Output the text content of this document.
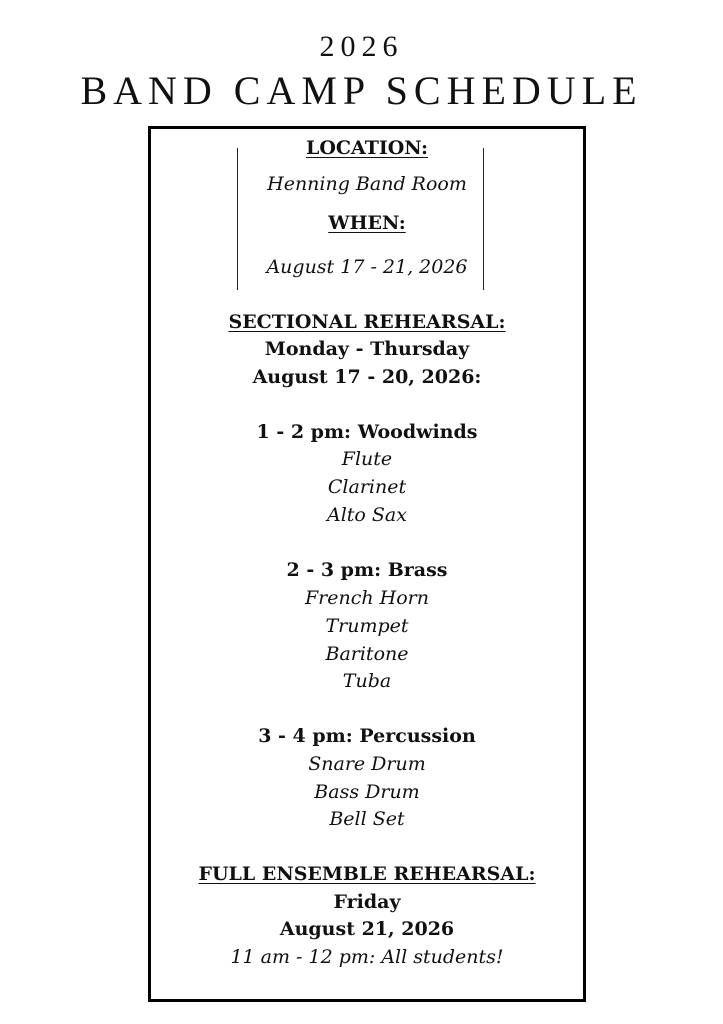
2026
BAND CAMP SCHEDULE
LOCATION:
Henning Band Room
WHEN:
August 17 - 21, 2026
SECTIONAL REHEARSAL:
Monday - Thursday
August 17 - 20, 2026:
1 - 2 pm: Woodwinds
Flute
Clarinet
Alto Sax
2 - 3 pm: Brass
French Horn
Trumpet
Baritone
Tuba
3 - 4 pm: Percussion
Snare Drum
Bass Drum
Bell Set
FULL ENSEMBLE REHEARSAL:
Friday
August 21, 2026
11 am - 12 pm: All students!
